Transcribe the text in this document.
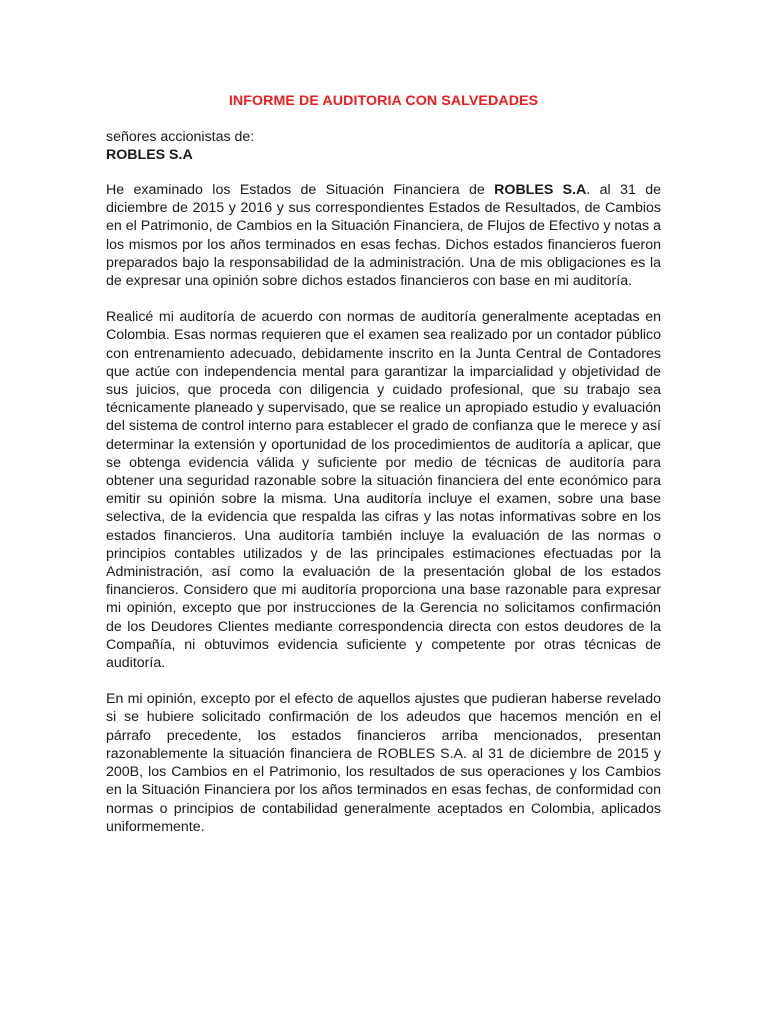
INFORME DE AUDITORIA CON SALVEDADES

señores accionistas de:

ROBLES S.A

He examinado los Estados de Situación Financiera de ROBLES S.A. al 31 de diciembre de 2015 y 2016 y sus correspondientes Estados de Resultados, de Cambios en el Patrimonio, de Cambios en la Situación Financiera, de Flujos de Efectivo y notas a los mismos por los años terminados en esas fechas. Dichos estados financieros fueron preparados bajo la responsabilidad de la administración. Una de mis obligaciones es la de expresar una opinión sobre dichos estados financieros con base en mi auditoría.

Realicé mi auditoría de acuerdo con normas de auditoría generalmente aceptadas en Colombia. Esas normas requieren que el examen sea realizado por un contador público con entrenamiento adecuado, debidamente inscrito en la Junta Central de Contadores que actúe con independencia mental para garantizar la imparcialidad y objetividad de sus juicios, que proceda con diligencia y cuidado profesional, que su trabajo sea técnicamente planeado y supervisado, que se realice un apropiado estudio y evaluación del sistema de control interno para establecer el grado de confianza que le merece y así determinar la extensión y oportunidad de los procedimientos de auditoría a aplicar, que se obtenga evidencia válida y suficiente por medio de técnicas de auditoría para obtener una seguridad razonable sobre la situación financiera del ente económico para emitir su opinión sobre la misma. Una auditoría incluye el examen, sobre una base selectiva, de la evidencia que respalda las cifras y las notas informativas sobre en los estados financieros. Una auditoría también incluye la evaluación de las normas o principios contables utilizados y de las principales estimaciones efectuadas por la Administración, así como la evaluación de la presentación global de los estados financieros. Considero que mi auditoría proporciona una base razonable para expresar mi opinión, excepto que por instrucciones de la Gerencia no solicitamos confirmación de los Deudores Clientes mediante correspondencia directa con estos deudores de la Compañía, ni obtuvimos evidencia suficiente y competente por otras técnicas de auditoría.

En mi opinión, excepto por el efecto de aquellos ajustes que pudieran haberse revelado si se hubiere solicitado confirmación de los adeudos que hacemos mención en el párrafo precedente, los estados financieros arriba mencionados, presentan razonablemente la situación financiera de ROBLES S.A. al 31 de diciembre de 2015 y 200B, los Cambios en el Patrimonio, los resultados de sus operaciones y los Cambios en la Situación Financiera por los años terminados en esas fechas, de conformidad con normas o principios de contabilidad generalmente aceptados en Colombia, aplicados uniformemente.
